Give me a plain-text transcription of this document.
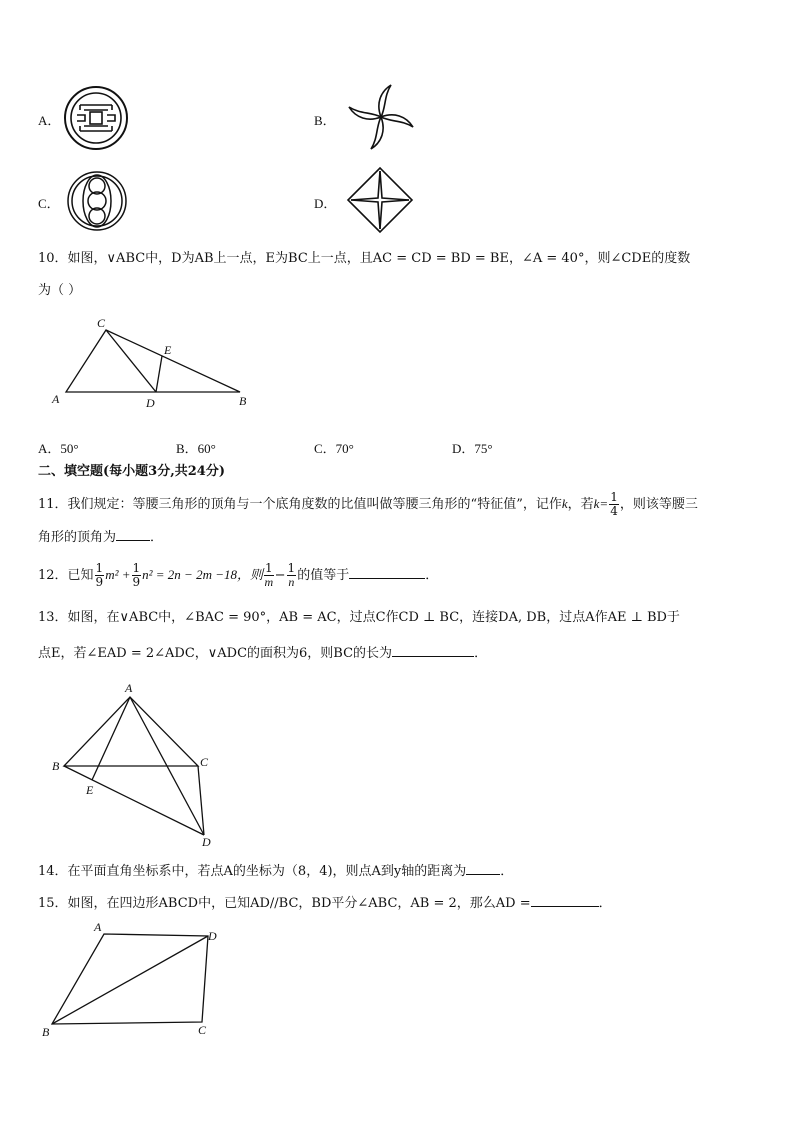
A．	B．
C．	D．
10．如图，∨ABC中，D为AB上一点，E为BC上一点，且AC = CD = BD = BE，∠A = 40°，则∠CDE的度数
为（ ）
A
C
E
D	B
A．50°	B．60°	C．70°	D．75°
二、填空题(每小题3分,共24分)
11．我们规定：等腰三角形的顶角与一个底角度数的比值叫做等腰三角形的“特征值”，记作k，若$k= \frac{1}{4}$ ，则该等腰三
角形的顶角为	．
12．已知 $\frac{1}{9} m^2 + \frac{1}{9} n^2 = 2n - 2m -18$，则 $\frac{1}{m} - \frac{1}{n}$ 的值等于	．
13．如图，在∨ABC中，∠BAC = 90°，AB = AC，过点C作CD ⊥ BC，连接DA, DB，过点A作AE ⊥ BD于
点E，若∠EAD = 2∠ADC，∨ADC的面积为6，则BC的长为	．
A
B	C
E
D
14．在平面直角坐标系中，若点A的坐标为（8，4)，则点A到y轴的距离为	．
15．如图，在四边形ABCD中，已知AD//BC，BD平分∠ABC，AB = 2，那么AD =	．
A
D
B	C
